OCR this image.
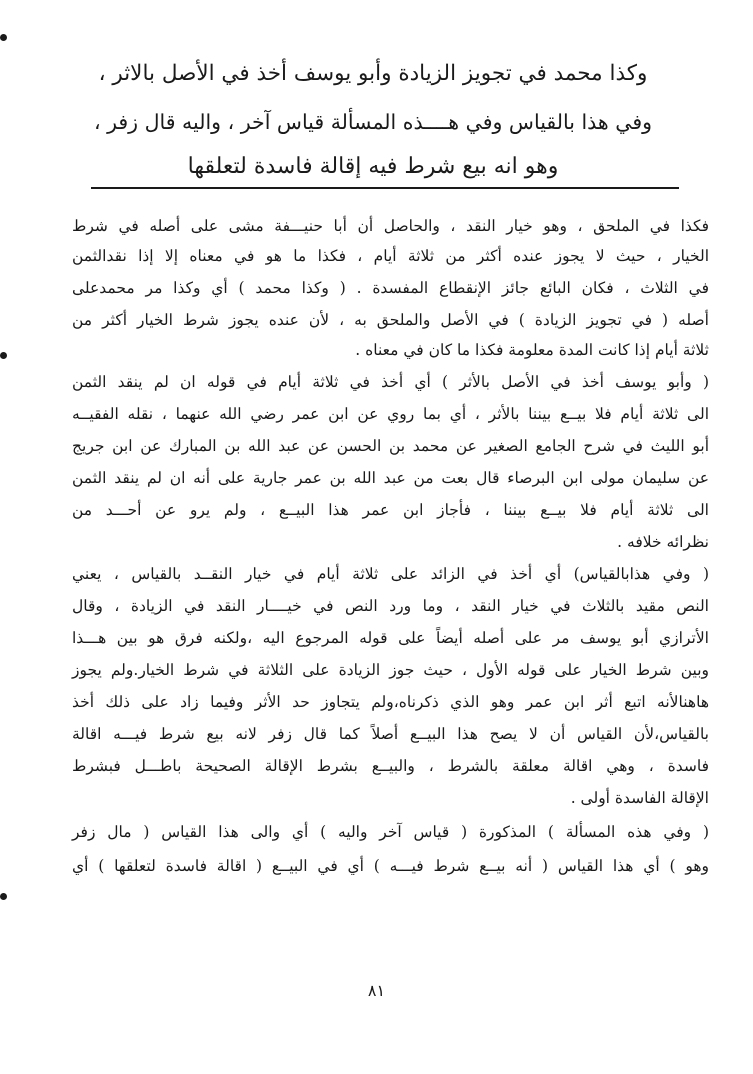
وكذا محمد في تجويز الزيادة وأبو يوسف أخذ في الأصل بالاثر ،
وفي هذا بالقياس وفي هــــذه المسألة قياس آخر ، واليه قال زفر ،
وهو انه بيع شرط فيه إقالة فاسدة لتعلقها
فكذا في الملحق ، وهو خيار النقد ، والحاصل أن أبا حنيـــفة مشى على أصله في شرط
الخيار ، حيث لا يجوز عنده أكثر من ثلاثة أيام ، فكذا ما هو في معناه إلا إذا نقدالثمن
في الثلاث ، فكان البائع جائز الإنقطاع المفسدة . ( وكذا محمد ) أي وكذا مر محمدعلى
أصله ( في تجويز الزيادة ) في الأصل والملحق به ، لأن عنده يجوز شرط الخيار أكثر من
ثلاثة أيام إذا كانت المدة معلومة فكذا ما كان في معناه .
( وأبو يوسف أخذ في الأصل بالأثر ) أي أخذ في ثلاثة أيام في قوله ان لم ينقد الثمن
الى ثلاثة أيام فلا بيــع بيننا بالأثر ، أي بما روي عن ابن عمر رضي الله عنهما ، نقله الفقيــه
أبو الليث في شرح الجامع الصغير عن محمد بن الحسن عن عبد الله بن المبارك عن ابن جريج
عن سليمان مولى ابن البرصاء قال بعت من عبد الله بن عمر جارية على أنه ان لم ينقد الثمن
الى ثلاثة أيام فلا بيــع بيننا ، فأجاز ابن عمر هذا البيــع ، ولم يرو عن أحـــد من
نظرائه خلافه .
( وفي هذابالقياس) أي أخذ في الزائد على ثلاثة أيام في خيار النقــد بالقياس ، يعني
النص مقيد بالثلاث في خيار النقد ، وما ورد النص في خيــــار النقد في الزيادة ، وقال
الأترازي أبو يوسف مر على أصله أيضاً على قوله المرجوع اليه ،ولكنه فرق هو بين هـــذا
وبين شرط الخيار على قوله الأول ، حيث جوز الزيادة على الثلاثة في شرط الخيار.ولم يجوز
هاهنالأنه اتبع أثر ابن عمر وهو الذي ذكرناه،ولم يتجاوز حد الأثر وفيما زاد على ذلك أخذ
بالقياس،لأن القياس أن لا يصح هذا البيــع أصلاً كما قال زفر لانه بيع شرط فيـــه اقالة
فاسدة ، وهي اقالة معلقة بالشرط ، والبيــع بشرط الإقالة الصحيحة باطـــل فبشرط
الإقالة الفاسدة أولى .
( وفي هذه المسألة ) المذكورة ( قياس آخر واليه ) أي والى هذا القياس ( مال زفر
وهو ) أي هذا القياس ( أنه بيــع شرط فيـــه ) أي في البيــع ( اقالة فاسدة لتعلقها ) أي
٨١
